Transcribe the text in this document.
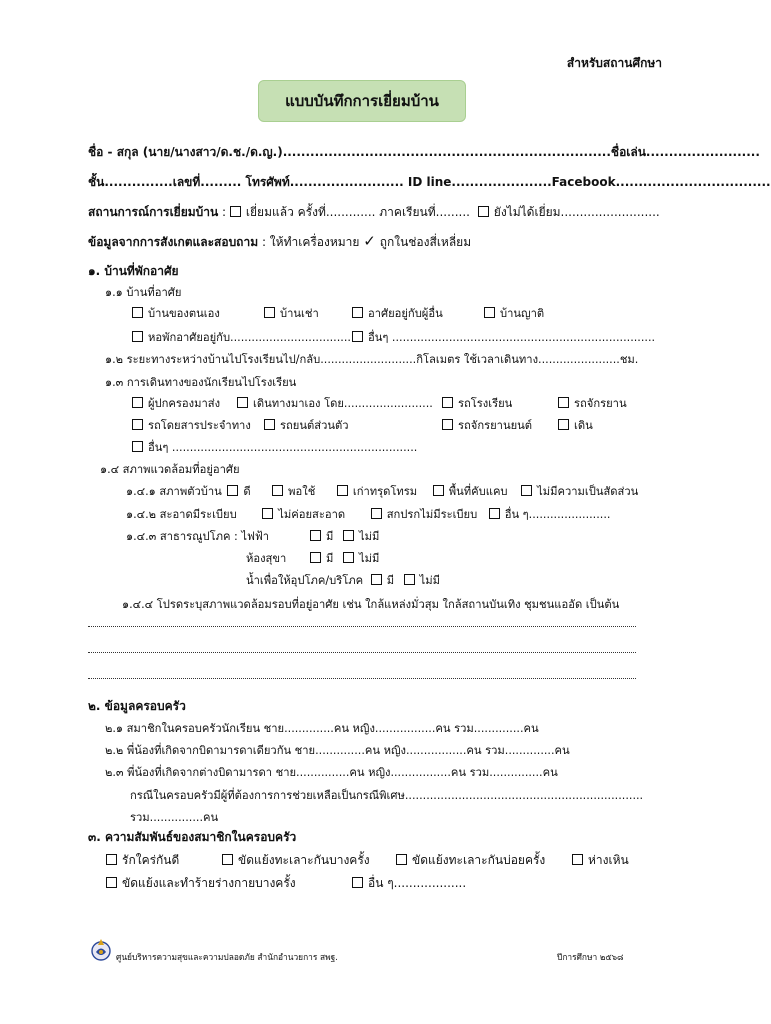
สำหรับสถานศึกษา
แบบบันทึกการเยี่ยมบ้าน
ชื่อ - สกุล (นาย/นางสาว/ด.ช./ด.ญ.)........................................................................ชื่อเล่น.........................
ชั้น...............เลขที่......... โทรศัพท์......................... ID line......................Facebook..................................
สถานการณ์การเยี่ยมบ้าน : เยี่ยมแล้ว ครั้งที่............. ภาคเรียนที่......... ยังไม่ได้เยี่ยม..........................
ข้อมูลจากการสังเกตและสอบถาม : ให้ทำเครื่องหมาย ✓ ถูกในช่องสี่เหลี่ยม
๑. บ้านที่พักอาศัย
๑.๑ บ้านที่อาศัย
บ้านของตนเอง	บ้านเช่า	อาศัยอยู่กับผู้อื่น	บ้านญาติ
หอพักอาศัยอยู่กับ..................................	อื่นๆ ..........................................................................
๑.๒ ระยะทางระหว่างบ้านไปโรงเรียนไป/กลับ...........................กิโลเมตร ใช้เวลาเดินทาง.......................ชม.
๑.๓ การเดินทางของนักเรียนไปโรงเรียน
ผู้ปกครองมาส่ง	เดินทางมาเอง โดย.........................	รถโรงเรียน	รถจักรยาน
รถโดยสารประจำทาง	รถยนต์ส่วนตัว	รถจักรยานยนต์	เดิน
อื่นๆ .....................................................................
๑.๔ สภาพแวดล้อมที่อยู่อาศัย
๑.๔.๑ สภาพตัวบ้าน ดี	พอใช้	เก่าทรุดโทรม	พื้นที่คับแคบ	ไม่มีความเป็นสัดส่วน
๑.๔.๒ สะอาดมีระเบียบ	ไม่ค่อยสะอาด	สกปรกไม่มีระเบียบ อื่น ๆ.......................
๑.๔.๓ สาธารณูปโภค : ไฟฟ้า	มี ไม่มี
ห้องสุขา	มี ไม่มี
น้ำเพื่อให้อุปโภค/บริโภค มี ไม่มี
๑.๔.๔ โปรดระบุสภาพแวดล้อมรอบที่อยู่อาศัย เช่น ใกล้แหล่งมั่วสุม ใกล้สถานบันเทิง ชุมชนแออัด เป็นต้น
๒. ข้อมูลครอบครัว
๒.๑ สมาชิกในครอบครัวนักเรียน ชาย..............คน หญิง.................คน รวม..............คน
๒.๒ พี่น้องที่เกิดจากบิดามารดาเดียวกัน ชาย..............คน หญิง.................คน รวม..............คน
๒.๓ พี่น้องที่เกิดจากต่างบิดามารดา ชาย...............คน หญิง.................คน รวม...............คน
กรณีในครอบครัวมีผู้ที่ต้องการการช่วยเหลือเป็นกรณีพิเศษ...................................................................
รวม...............คน
๓. ความสัมพันธ์ของสมาชิกในครอบครัว
รักใคร่กันดี	ขัดแย้งทะเลาะกันบางครั้ง	ขัดแย้งทะเลาะกันบ่อยครั้ง	ห่างเหิน
ขัดแย้งและทำร้ายร่างกายบางครั้ง	อื่น ๆ...................
ศูนย์บริหารความสุขและความปลอดภัย สำนักอำนวยการ สพฐ.	ปีการศึกษา ๒๕๖๘
